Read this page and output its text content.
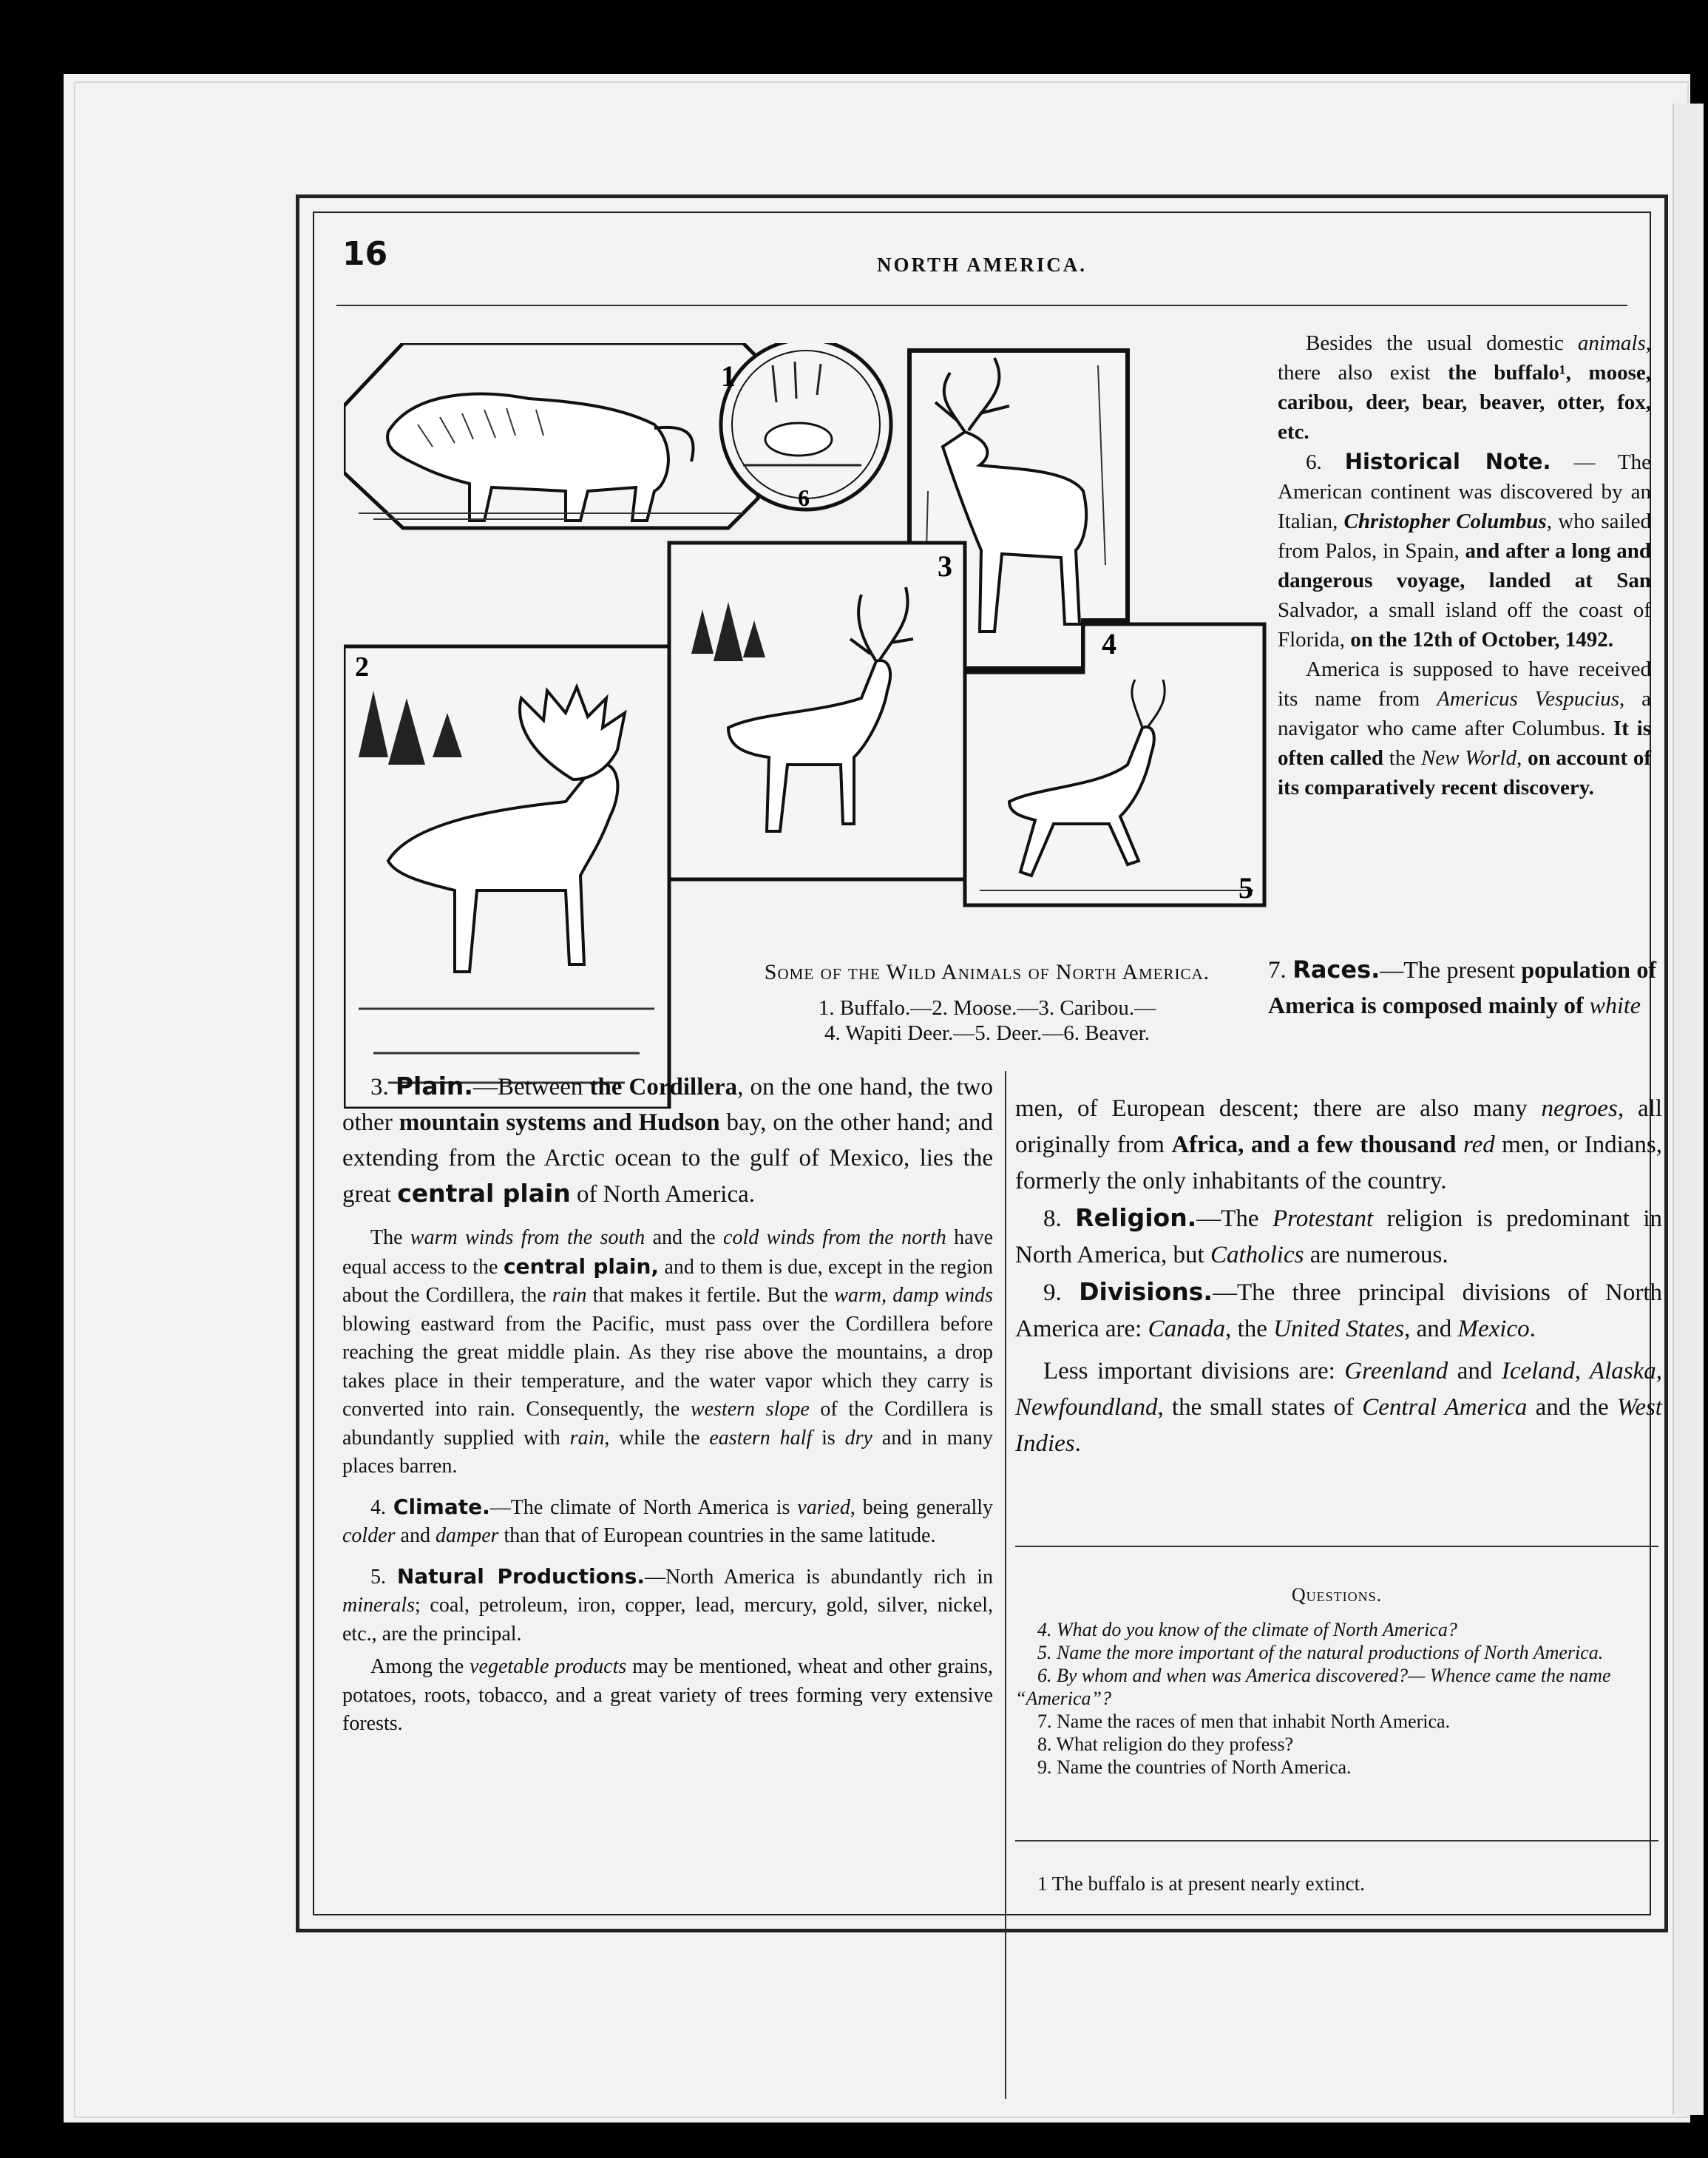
16	NORTH AMERICA.
1
6
3
4
2
5
Some of the Wild Animals of North America.
1. Buffalo.—2. Moose.—3. Caribou.—
4. Wapiti Deer.—5. Deer.—6. Beaver.

Besides the usual domestic animals, there also exist the buffalo¹, moose, caribou, deer, bear, beaver, otter, fox, etc.

6. Historical Note. — The American continent was discovered by an Italian, Christopher Columbus, who sailed from Palos, in Spain, and after a long and dangerous voyage, landed at San Salvador, a small island off the coast of Florida, on the 12th of October, 1492.

America is supposed to have received its name from Americus Vespucius, a navigator who came after Columbus. It is often called the New World, on account of its comparatively recent discovery.

3. Plain.—Between the Cordillera, on the one hand, the two other mountain systems and Hudson bay, on the other hand; and extending from the Arctic ocean to the gulf of Mexico, lies the great central plain of North America.

The warm winds from the south and the cold winds from the north have equal access to the central plain, and to them is due, except in the region about the Cordillera, the rain that makes it fertile. But the warm, damp winds blowing eastward from the Pacific, must pass over the Cordillera before reaching the great middle plain. As they rise above the mountains, a drop takes place in their temperature, and the water vapor which they carry is converted into rain. Consequently, the western slope of the Cordillera is abundantly supplied with rain, while the eastern half is dry and in many places barren.

4. Climate.—The climate of North America is varied, being generally colder and damper than that of European countries in the same latitude.

5. Natural Productions.—North America is abundantly rich in minerals; coal, petroleum, iron, copper, lead, mercury, gold, silver, nickel, etc., are the principal.

Among the vegetable products may be mentioned, wheat and other grains, potatoes, roots, tobacco, and a great variety of trees forming very extensive forests.

7. Races.—The present population of America is composed mainly of white

men, of European descent; there are also many negroes, all originally from Africa, and a few thousand red men, or Indians, formerly the only inhabitants of the country.

8. Religion.—The Protestant religion is predominant in North America, but Catholics are numerous.

9. Divisions.—The three principal divisions of North America are: Canada, the United States, and Mexico.

Less important divisions are: Greenland and Iceland, Alaska, Newfoundland, the small states of Central America and the West Indies.

Questions.
4. What do you know of the climate of North America?
5. Name the more important of the natural productions of North America.
6. By whom and when was America discovered?— Whence came the name “America”?
7. Name the races of men that inhabit North America.
8. What religion do they profess?
9. Name the countries of North America.
1 The buffalo is at present nearly extinct.
